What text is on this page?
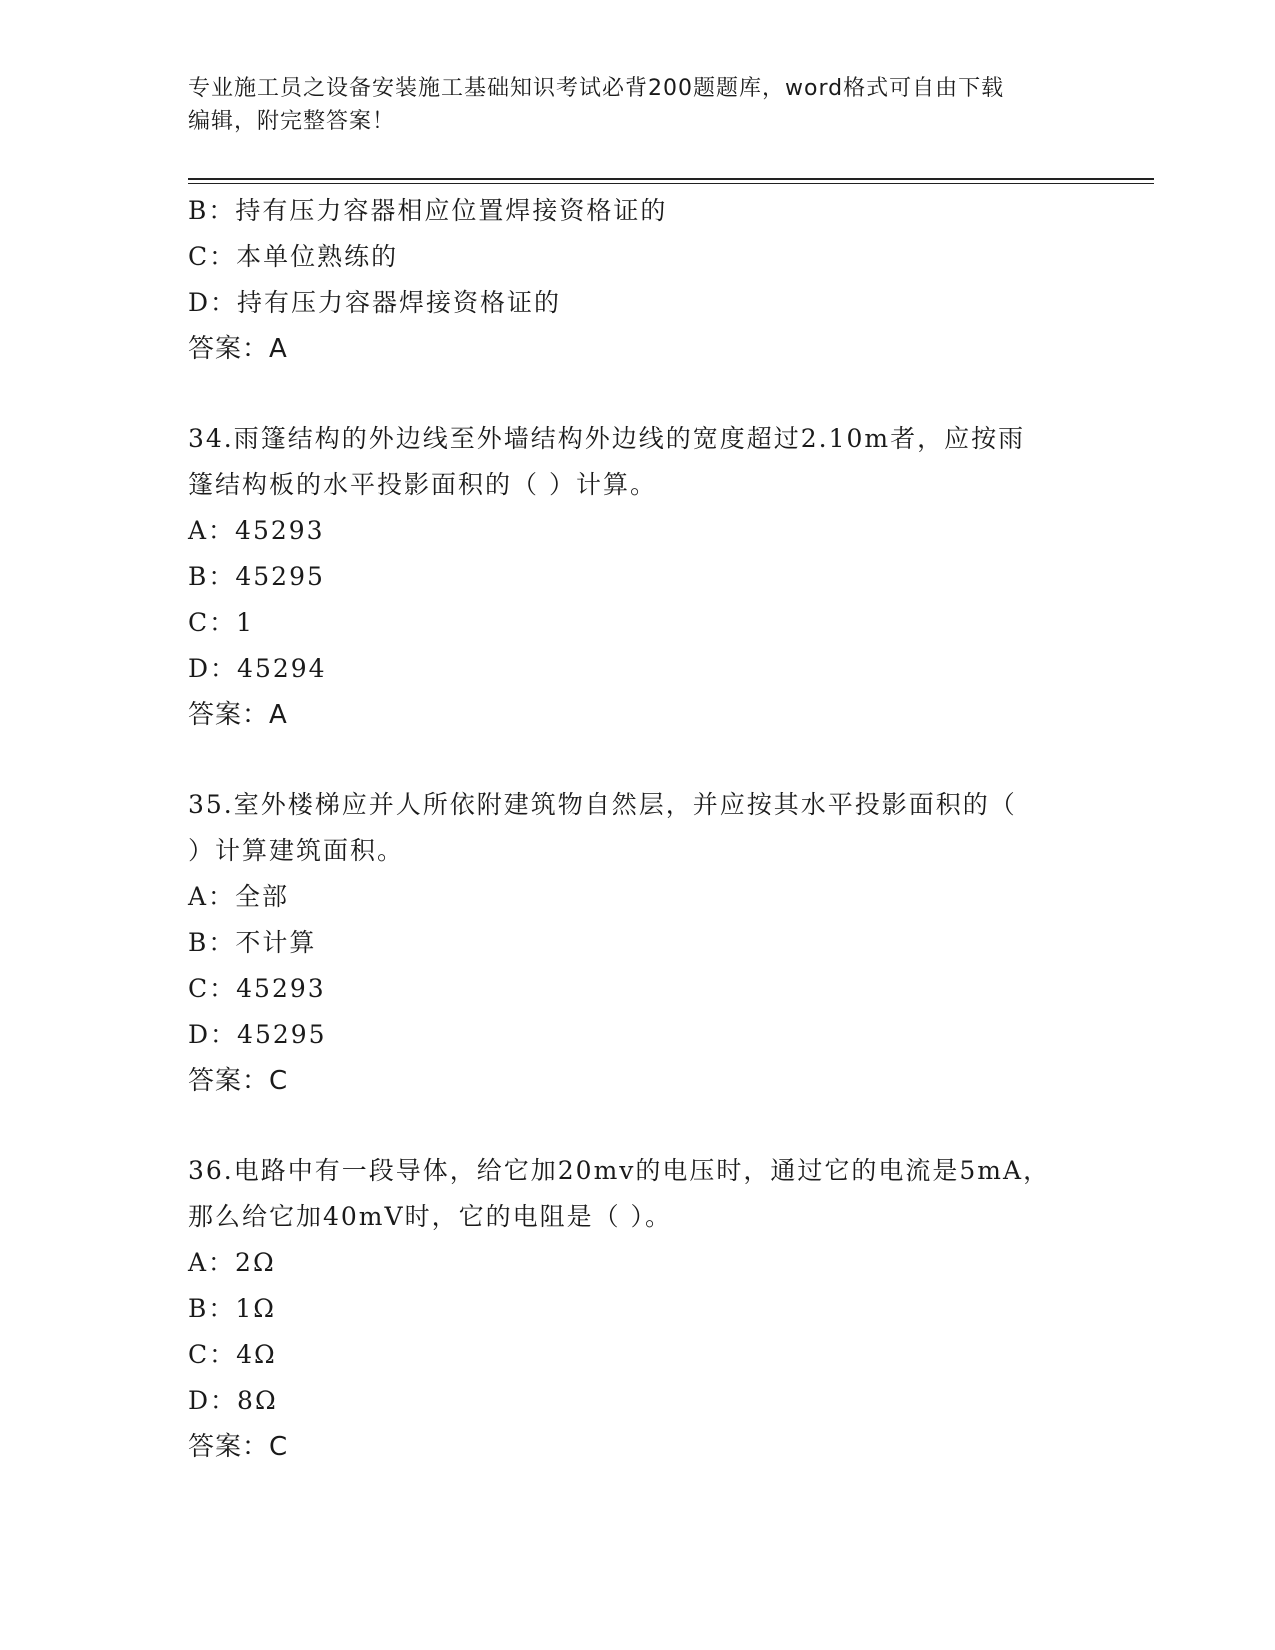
专业施工员之设备安装施工基础知识考试必背200题题库，word格式可自由下载
编辑，附完整答案！
B：持有压力容器相应位置焊接资格证的
C：本单位熟练的
D：持有压力容器焊接资格证的
答案：A
34.雨篷结构的外边线至外墙结构外边线的宽度超过2.10m者，应按雨
篷结构板的水平投影面积的（ ）计算。
A：45293
B：45295
C：1
D：45294
答案：A
35.室外楼梯应并人所依附建筑物自然层，并应按其水平投影面积的（
）计算建筑面积。
A：全部
B：不计算
C：45293
D：45295
答案：C
36.电路中有一段导体，给它加20mv的电压时，通过它的电流是5mA，
那么给它加40mV时，它的电阻是（ ）。
A：2Ω
B：1Ω
C：4Ω
D：8Ω
答案：C
